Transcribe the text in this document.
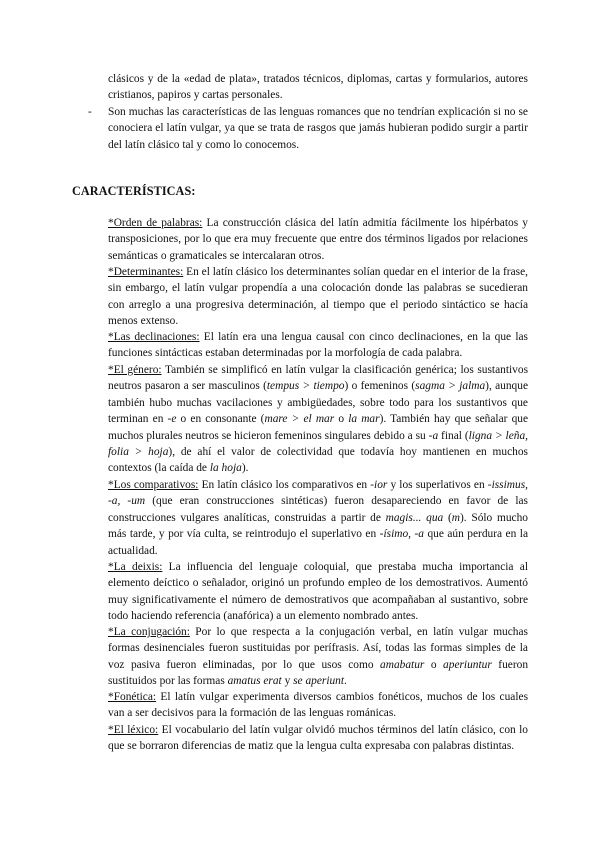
clásicos y de la «edad de plata», tratados técnicos, diplomas, cartas y formularios, autores cristianos, papiros y cartas personales.

- Son muchas las características de las lenguas romances que no tendrían explicación si no se conociera el latín vulgar, ya que se trata de rasgos que jamás hubieran podido surgir a partir del latín clásico tal y como lo conocemos.
CARACTERÍSTICAS:
*Orden de palabras: La construcción clásica del latín admitía fácilmente los hipérbatos y transposiciones, por lo que era muy frecuente que entre dos términos ligados por relaciones semánticas o gramaticales se intercalaran otros.
*Determinantes: En el latín clásico los determinantes solían quedar en el interior de la frase, sin embargo, el latín vulgar propendía a una colocación donde las palabras se sucedieran con arreglo a una progresiva determinación, al tiempo que el periodo sintáctico se hacía menos extenso.
*Las declinaciones: El latín era una lengua causal con cinco declinaciones, en la que las funciones sintácticas estaban determinadas por la morfología de cada palabra.
*El género: También se simplificó en latín vulgar la clasificación genérica; los sustantivos neutros pasaron a ser masculinos (tempus > tiempo) o femeninos (sagma > jalma), aunque también hubo muchas vacilaciones y ambigüedades, sobre todo para los sustantivos que terminan en -e o en consonante (mare > el mar o la mar). También hay que señalar que muchos plurales neutros se hicieron femeninos singulares debido a su -a final (ligna > leña, folia > hoja), de ahí el valor de colectividad que todavía hoy mantienen en muchos contextos (la caída de la hoja).
*Los comparativos: En latín clásico los comparativos en -ior y los superlativos en -issimus, -a, -um (que eran construcciones sintéticas) fueron desapareciendo en favor de las construcciones vulgares analíticas, construidas a partir de magis... qua (m). Sólo mucho más tarde, y por vía culta, se reintrodujo el superlativo en -ísimo, -a que aún perdura en la actualidad.
*La deixis: La influencia del lenguaje coloquial, que prestaba mucha importancia al elemento deíctico o señalador, originó un profundo empleo de los demostrativos. Aumentó muy significativamente el número de demostrativos que acompañaban al sustantivo, sobre todo haciendo referencia (anafórica) a un elemento nombrado antes.
*La conjugación: Por lo que respecta a la conjugación verbal, en latín vulgar muchas formas desinenciales fueron sustituidas por perífrasis. Así, todas las formas simples de la voz pasiva fueron eliminadas, por lo que usos como amabatur o aperiuntur fueron sustituidos por las formas amatus erat y se aperiunt.
*Fonética: El latín vulgar experimenta diversos cambios fonéticos, muchos de los cuales van a ser decisivos para la formación de las lenguas románicas.
*El léxico: El vocabulario del latín vulgar olvidó muchos términos del latín clásico, con lo que se borraron diferencias de matiz que la lengua culta expresaba con palabras distintas.
